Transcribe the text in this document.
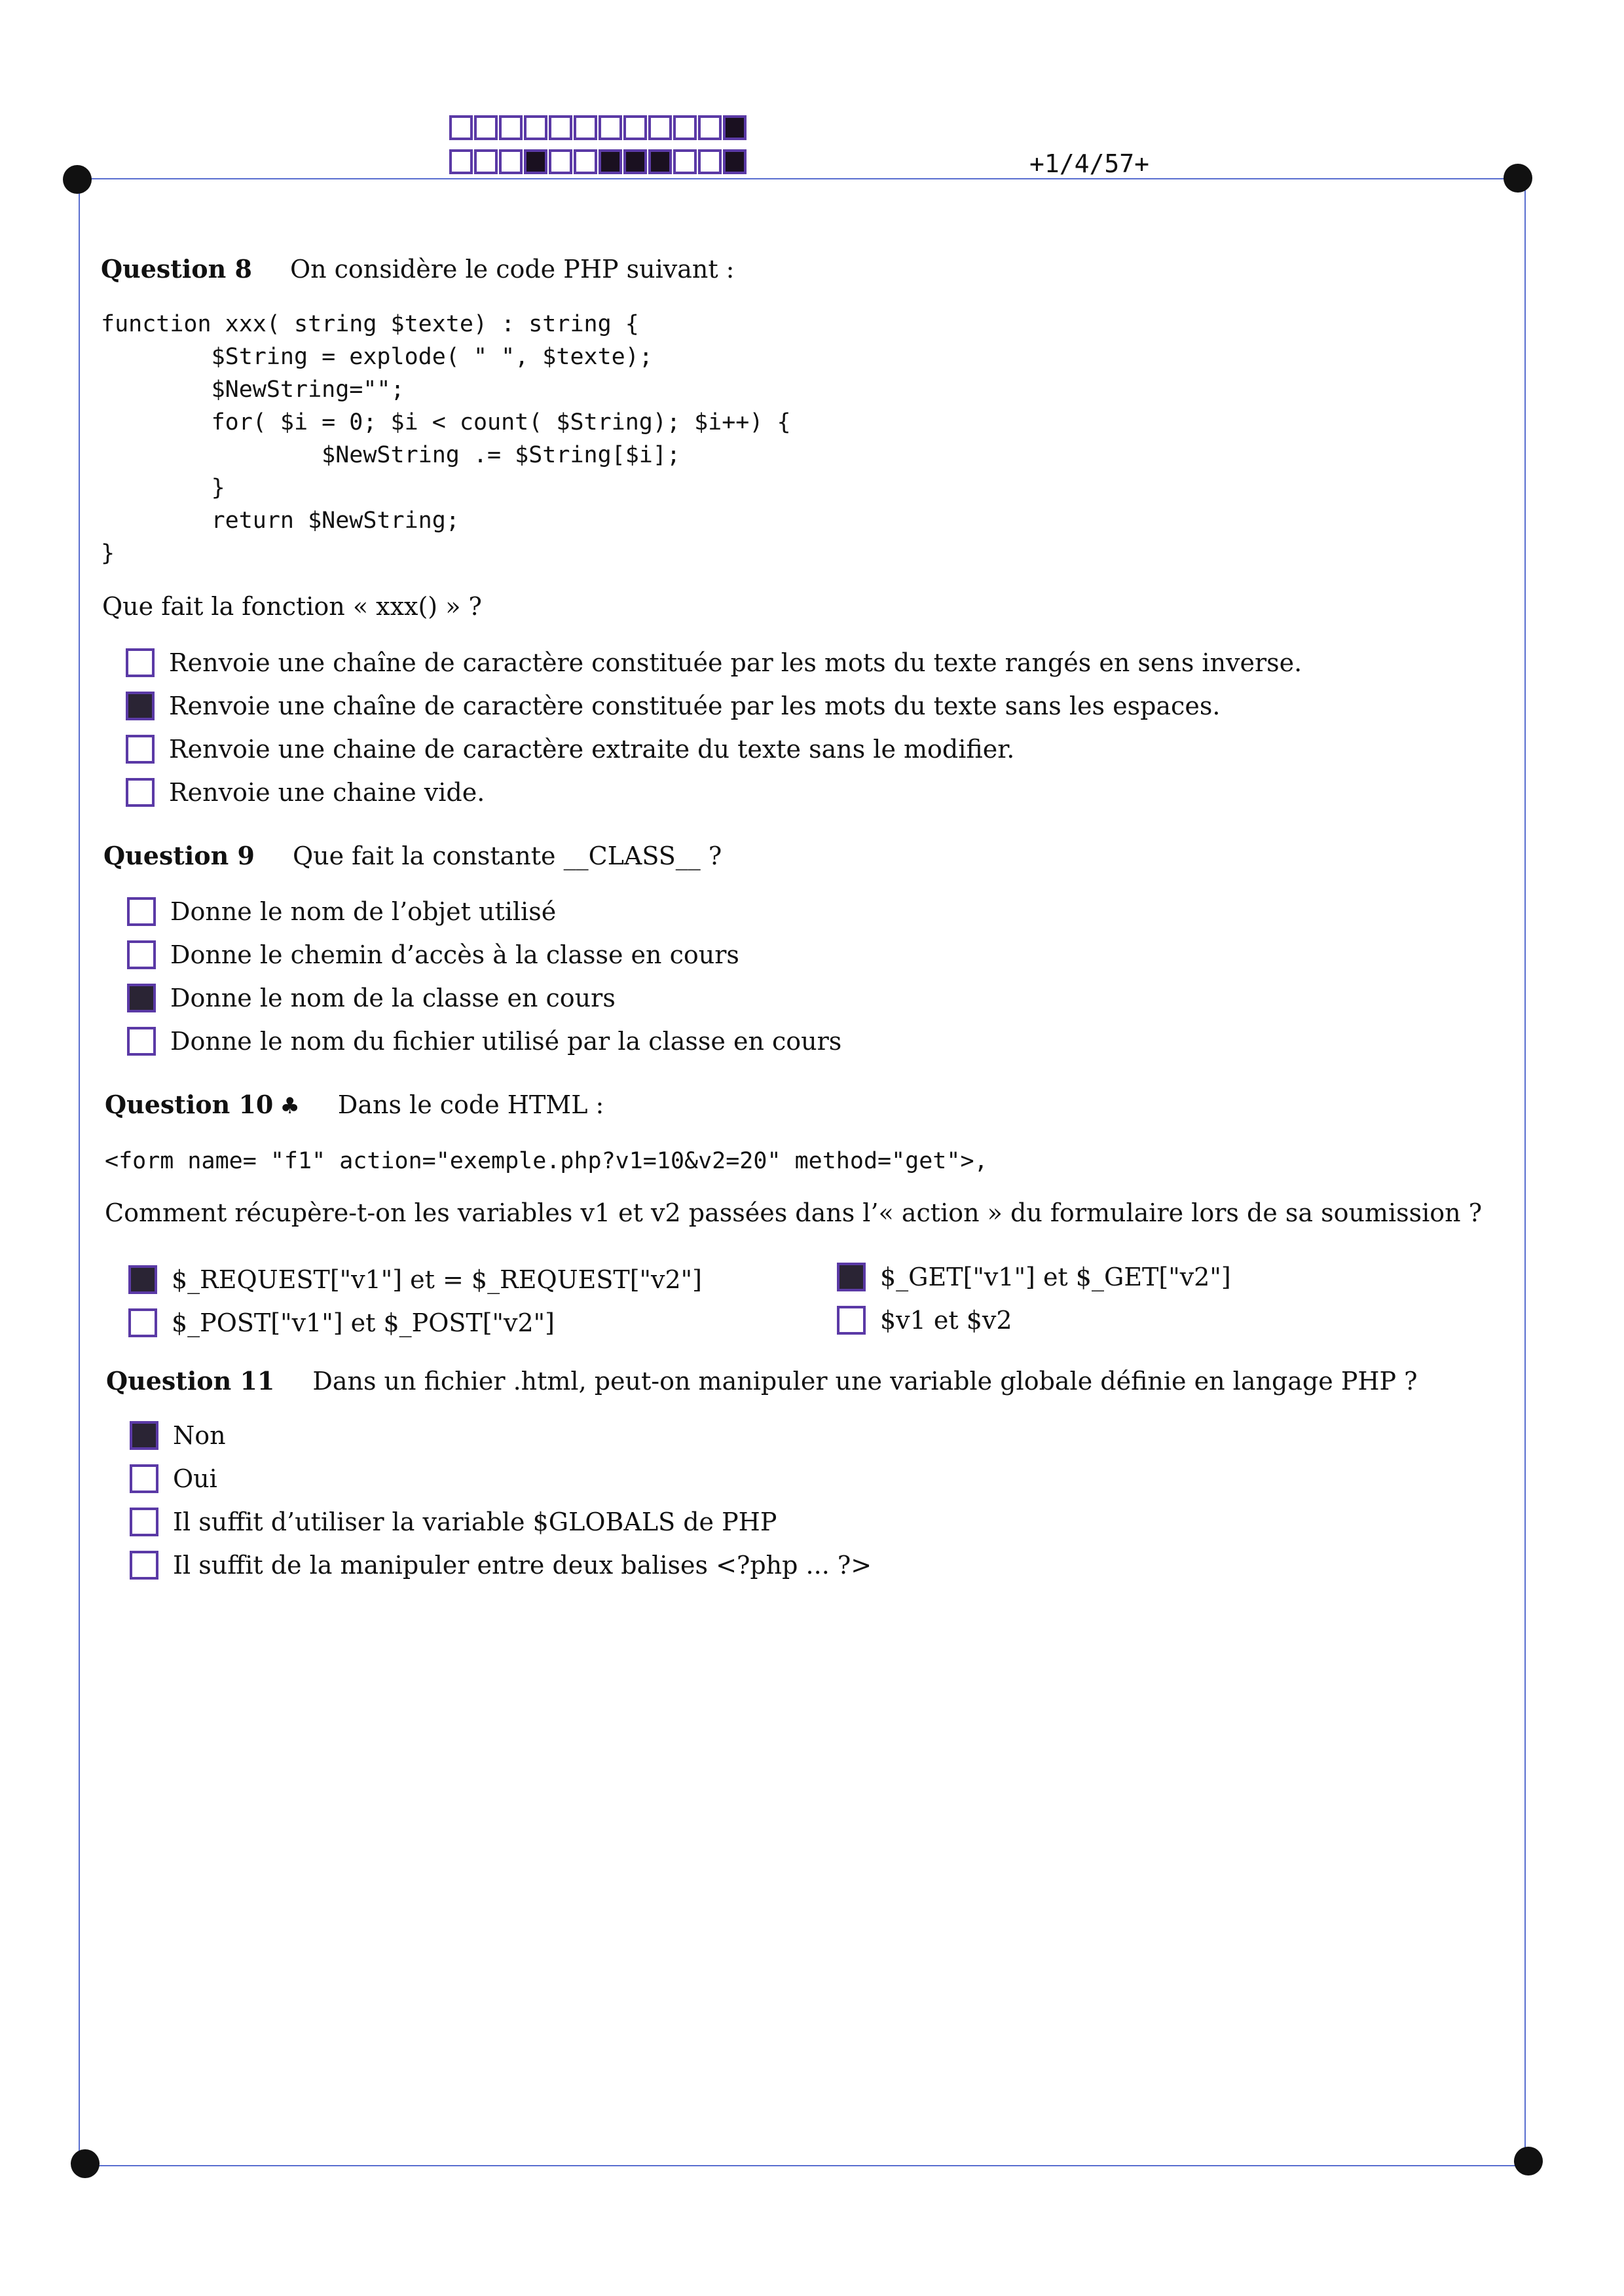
+1/4/57+
Question 8 On considère le code PHP suivant :
function xxx( string $texte) : string {
$String = explode( " ", $texte);
$NewString="";
for( $i = 0; $i < count( $String); $i++) {
$NewString .= $String[$i];
}
return $NewString;
}
Que fait la fonction « xxx() » ?
Renvoie une chaîne de caractère constituée par les mots du texte rangés en sens inverse.
Renvoie une chaîne de caractère constituée par les mots du texte sans les espaces.
Renvoie une chaine de caractère extraite du texte sans le modifier.
Renvoie une chaine vide.
Question 9 Que fait la constante __CLASS__ ?
Donne le nom de l’objet utilisé
Donne le chemin d’accès à la classe en cours
Donne le nom de la classe en cours
Donne le nom du fichier utilisé par la classe en cours
Question 10 ♣ Dans le code HTML :
<form name= "f1" action="exemple.php?v1=10&v2=20" method="get">,
Comment récupère-t-on les variables v1 et v2 passées dans l’« action » du formulaire lors de sa soumission ?
$_REQUEST["v1"] et = $_REQUEST["v2"]	$_GET["v1"] et $_GET["v2"]
$_POST["v1"] et $_POST["v2"]	$v1 et $v2
Question 11 Dans un fichier .html, peut-on manipuler une variable globale définie en langage PHP ?
Non
Oui
Il suffit d’utiliser la variable $GLOBALS de PHP
Il suffit de la manipuler entre deux balises <?php ... ?>
